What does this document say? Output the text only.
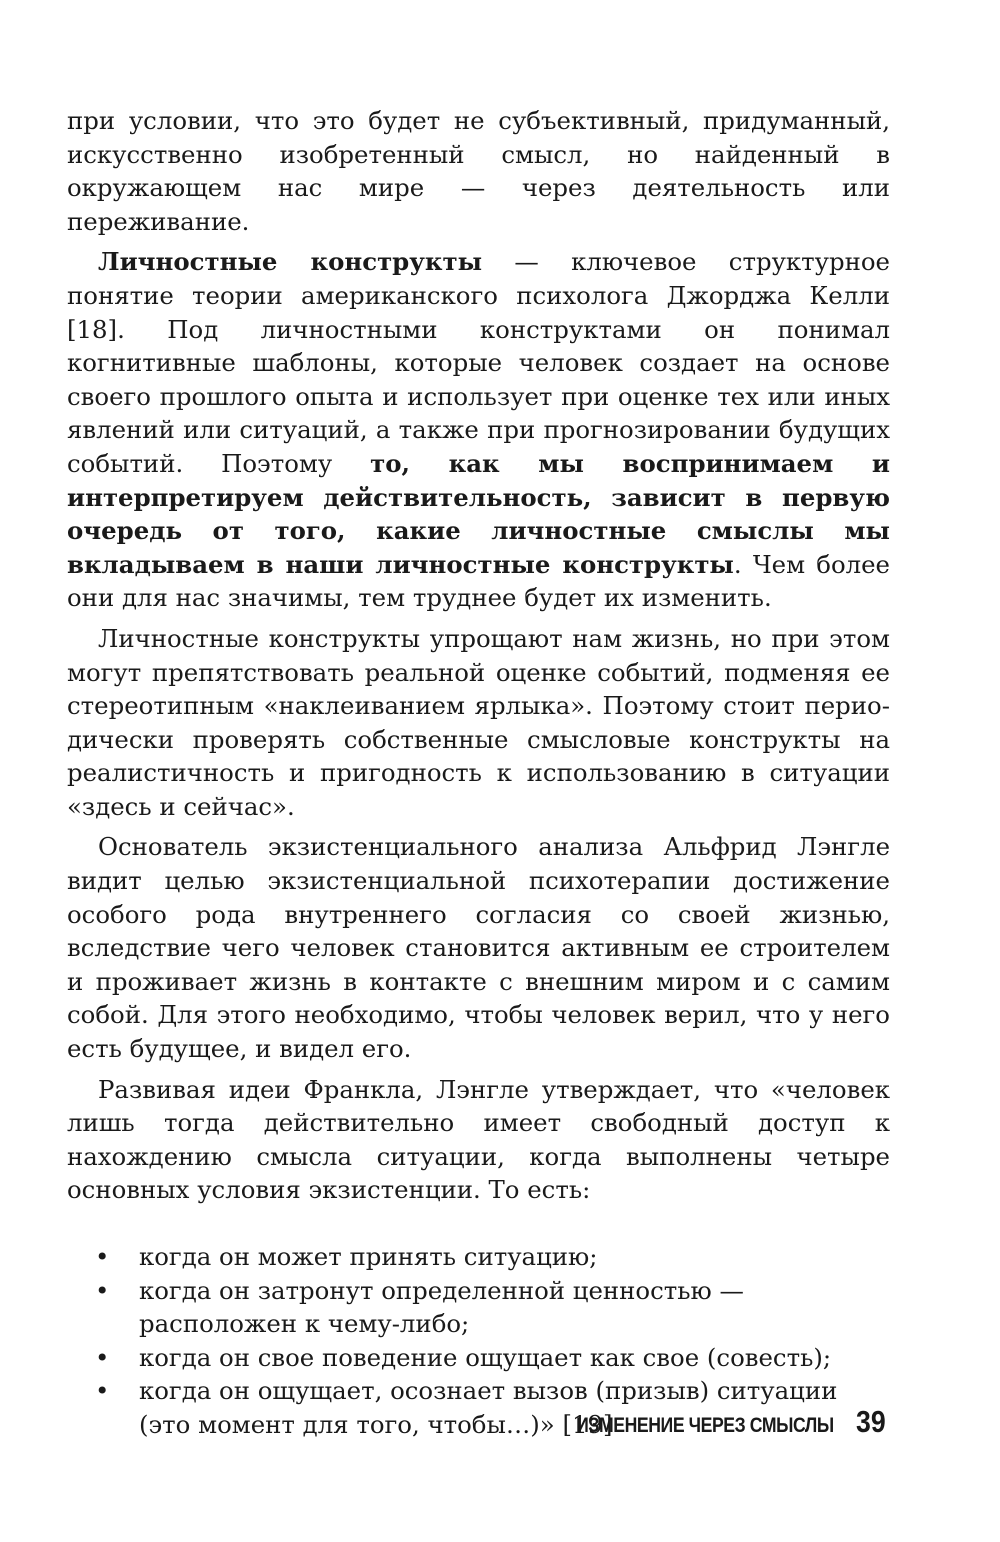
при условии, что это будет не субъективный, придуманный, искусственно изобретенный смысл, но найденный в окружающем нас мире — через деятельность или переживание.

Личностные конструкты — ключевое структурное понятие теории американского психолога Джорджа Келли [18]. Под личностными конструктами он понимал когнитивные шаблоны, которые человек создает на основе своего прошлого опыта и использует при оценке тех или иных явлений или ситуаций, а также при прогнозировании будущих событий. Поэтому то, как мы воспринимаем и интерпретируем действительность, зависит в первую очередь от того, какие личностные смыслы мы вкладываем в наши личностные конструкты. Чем более они для нас значимы, тем труднее будет их изменить.

Личностные конструкты упрощают нам жизнь, но при этом могут препятствовать реальной оценке событий, подменяя ее стереотипным «наклеиванием ярлыка». Поэтому стоит периодически проверять собственные смысловые конструкты на реалистичность и пригодность к использованию в ситуации «здесь и сейчас».

Основатель экзистенциального анализа Альфрид Лэнгле видит целью экзистенциальной психотерапии достижение особого рода внутреннего согласия со своей жизнью, вследствие чего человек становится активным ее строителем и проживает жизнь в контакте с внешним миром и с самим собой. Для этого необходимо, чтобы человек верил, что у него есть будущее, и видел его.

Развивая идеи Франкла, Лэнгле утверждает, что «человек лишь тогда действительно имеет свободный доступ к нахождению смысла ситуации, когда выполнены четыре основных условия экзистенции. То есть:

• когда он может принять ситуацию;
• когда он затронут определенной ценностью — расположен к чему-либо;
• когда он свое поведение ощущает как свое (совесть);
• когда он ощущает, осознает вызов (призыв) ситуации (это момент для того, чтобы…)» [19]
ИЗМЕНЕНИЕ ЧЕРЕЗ СМЫСЛЫ 39
